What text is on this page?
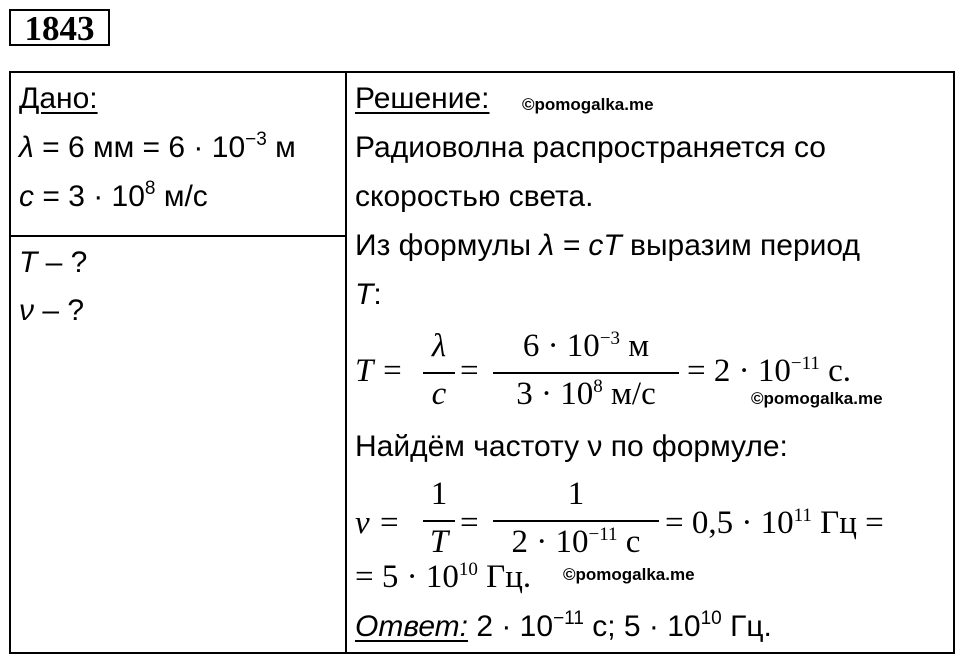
1843
Дано:
λ = 6 мм = $6 \cdot 10^{-3}$ м
$c = 3 \cdot 10^8$ м/с
T – ?
ν – ?
Решение: ©pomogalka.me
Радиоволна распространяется со
скоростью света.
Из формулы λ = cT выразим период
T:
T =
λ
c
=
$6 \cdot 10^{-3}$ м
$3 \cdot 10^8$ м/с
= $2 \cdot 10^{-11}$ с.
©pomogalka.me
Найдём частоту ν по формуле:
ν =
1
T
=
1
$2 \cdot 10^{-11}$ с
= $0,5 \cdot 10^{11}$ Гц =
= $5 \cdot 10^{10}$ Гц. ©pomogalka.me
Ответ: $2 \cdot 10^{-11}$ с; $5 \cdot 10^{10}$ Гц.
